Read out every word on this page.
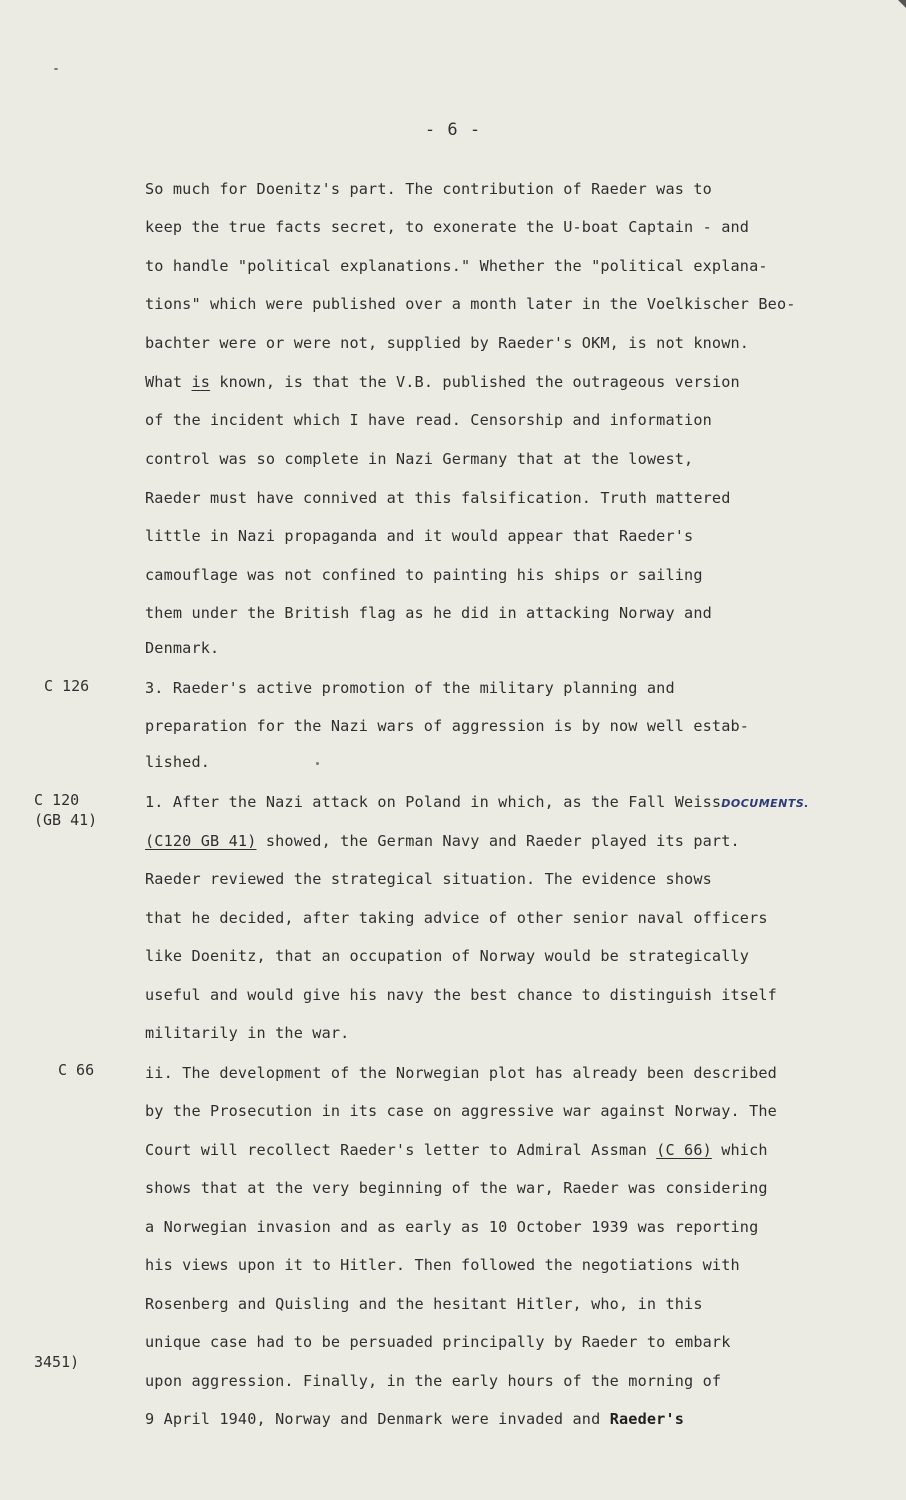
- 6 -
C 126
C 120
(GB 41)
C 66
3451)
So much for Doenitz's part. The contribution of Raeder was to
keep the true facts secret, to exonerate the U-boat Captain - and
to handle "political explanations." Whether the "political explana-
tions" which were published over a month later in the Voelkischer Beo-
bachter were or were not, supplied by Raeder's OKM, is not known.
What is known, is that the V.B. published the outrageous version
of the incident which I have read. Censorship and information
control was so complete in Nazi Germany that at the lowest,
Raeder must have connived at this falsification. Truth mattered
little in Nazi propaganda and it would appear that Raeder's
camouflage was not confined to painting his ships or sailing
them under the British flag as he did in attacking Norway and
Denmark.
3. Raeder's active promotion of the military planning and
preparation for the Nazi wars of aggression is by now well estab-
lished.
1. After the Nazi attack on Poland in which, as the Fall WeissDOCUMENTS.
(C120 GB 41) showed, the German Navy and Raeder played its part.
Raeder reviewed the strategical situation. The evidence shows
that he decided, after taking advice of other senior naval officers
like Doenitz, that an occupation of Norway would be strategically
useful and would give his navy the best chance to distinguish itself
militarily in the war.
ii. The development of the Norwegian plot has already been described
by the Prosecution in its case on aggressive war against Norway. The
Court will recollect Raeder's letter to Admiral Assman (C 66) which
shows that at the very beginning of the war, Raeder was considering
a Norwegian invasion and as early as 10 October 1939 was reporting
his views upon it to Hitler. Then followed the negotiations with
Rosenberg and Quisling and the hesitant Hitler, who, in this
unique case had to be persuaded principally by Raeder to embark
upon aggression. Finally, in the early hours of the morning of
9 April 1940, Norway and Denmark were invaded and Raeder's
